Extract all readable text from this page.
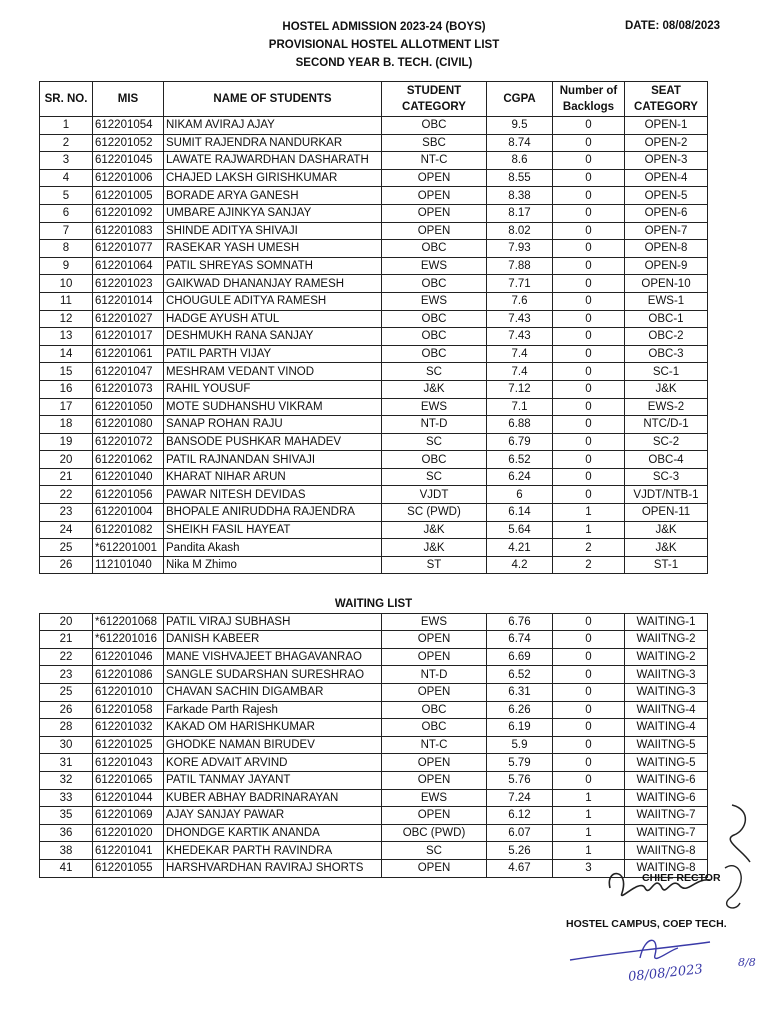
HOSTEL ADMISSION 2023-24 (BOYS)
PROVISIONAL HOSTEL ALLOTMENT LIST
SECOND YEAR B. TECH. (CIVIL)
DATE: 08/08/2023
SR. NO.	MIS	NAME OF STUDENTS	STUDENT CATEGORY	CGPA	Number of Backlogs	SEAT CATEGORY
1	612201054	NIKAM AVIRAJ AJAY	OBC	9.5	0	OPEN-1
2	612201052	SUMIT RAJENDRA NANDURKAR	SBC	8.74	0	OPEN-2
3	612201045	LAWATE RAJWARDHAN DASHARATH	NT-C	8.6	0	OPEN-3
4	612201006	CHAJED LAKSH GIRISHKUMAR	OPEN	8.55	0	OPEN-4
5	612201005	BORADE ARYA GANESH	OPEN	8.38	0	OPEN-5
6	612201092	UMBARE AJINKYA SANJAY	OPEN	8.17	0	OPEN-6
7	612201083	SHINDE ADITYA SHIVAJI	OPEN	8.02	0	OPEN-7
8	612201077	RASEKAR YASH UMESH	OBC	7.93	0	OPEN-8
9	612201064	PATIL SHREYAS SOMNATH	EWS	7.88	0	OPEN-9
10	612201023	GAIKWAD DHANANJAY RAMESH	OBC	7.71	0	OPEN-10
11	612201014	CHOUGULE ADITYA RAMESH	EWS	7.6	0	EWS-1
12	612201027	HADGE AYUSH ATUL	OBC	7.43	0	OBC-1
13	612201017	DESHMUKH RANA SANJAY	OBC	7.43	0	OBC-2
14	612201061	PATIL PARTH VIJAY	OBC	7.4	0	OBC-3
15	612201047	MESHRAM VEDANT VINOD	SC	7.4	0	SC-1
16	612201073	RAHIL YOUSUF	J&K	7.12	0	J&K
17	612201050	MOTE SUDHANSHU VIKRAM	EWS	7.1	0	EWS-2
18	612201080	SANAP ROHAN RAJU	NT-D	6.88	0	NTC/D-1
19	612201072	BANSODE PUSHKAR MAHADEV	SC	6.79	0	SC-2
20	612201062	PATIL RAJNANDAN SHIVAJI	OBC	6.52	0	OBC-4
21	612201040	KHARAT NIHAR ARUN	SC	6.24	0	SC-3
22	612201056	PAWAR NITESH DEVIDAS	VJDT	6	0	VJDT/NTB-1
23	612201004	BHOPALE ANIRUDDHA RAJENDRA	SC (PWD)	6.14	1	OPEN-11
24	612201082	SHEIKH FASIL HAYEAT	J&K	5.64	1	J&K
25	*612201001	Pandita Akash	J&K	4.21	2	J&K
26	112101040	Nika M Zhimo	ST	4.2	2	ST-1
WAITING LIST						
20	*612201068	PATIL VIRAJ SUBHASH	EWS	6.76	0	WAITING-1
21	*612201016	DANISH KABEER	OPEN	6.74	0	WAIITNG-2
22	612201046	MANE VISHVAJEET BHAGAVANRAO	OPEN	6.69	0	WAITING-2
23	612201086	SANGLE SUDARSHAN SURESHRAO	NT-D	6.52	0	WAIITNG-3
25	612201010	CHAVAN SACHIN DIGAMBAR	OPEN	6.31	0	WAITING-3
26	612201058	Farkade Parth Rajesh	OBC	6.26	0	WAIITNG-4
28	612201032	KAKAD OM HARISHKUMAR	OBC	6.19	0	WAITING-4
30	612201025	GHODKE NAMAN BIRUDEV	NT-C	5.9	0	WAIITNG-5
31	612201043	KORE ADVAIT ARVIND	OPEN	5.79	0	WAITING-5
32	612201065	PATIL TANMAY JAYANT	OPEN	5.76	0	WAITING-6
33	612201044	KUBER ABHAY BADRINARAYAN	EWS	7.24	1	WAITING-6
35	612201069	AJAY SANJAY PAWAR	OPEN	6.12	1	WAIITNG-7
36	612201020	DHONDGE KARTIK ANANDA	OBC (PWD)	6.07	1	WAITING-7
38	612201041	KHEDEKAR PARTH RAVINDRA	SC	5.26	1	WAIITNG-8
41	612201055	HARSHVARDHAN RAVIRAJ SHORTS	OPEN	4.67	3	WAITING-8
CHIEF RECTOR
HOSTEL CAMPUS, COEP TECH.
08/08/2023	8/8
